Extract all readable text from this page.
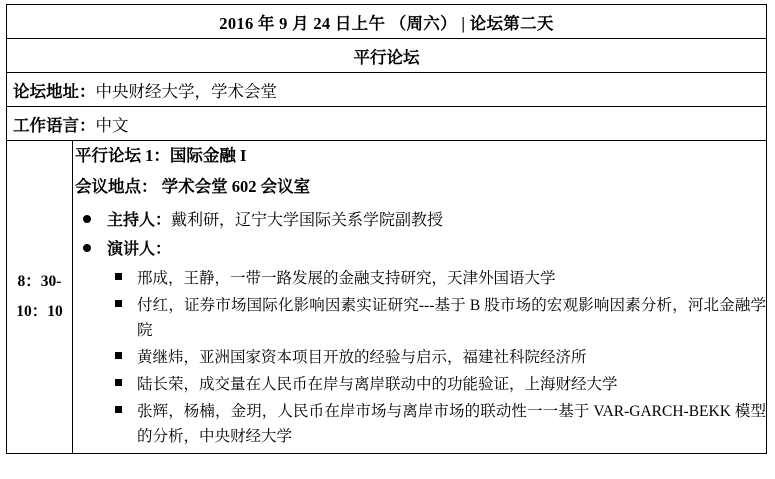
2016 年 9 月 24 日上午 （周六） | 论坛第二天

平行论坛

论坛地址：中央财经大学，学术会堂

工作语言：中文

8：30-
10：10

平行论坛 1：国际金融 I
会议地点： 学术会堂 602 会议室
主持人：戴利研，辽宁大学国际关系学院副教授
演讲人：
邢成，王静，一带一路发展的金融支持研究，天津外国语大学
付红，证券市场国际化影响因素实证研究---基于 B 股市场的宏观影响因素分析，河北金融学院
黄继炜，亚洲国家资本项目开放的经验与启示，福建社科院经济所
陆长荣，成交量在人民币在岸与离岸联动中的功能验证，上海财经大学
张辉，杨楠，金玥，人民币在岸市场与离岸市场的联动性一一基于 VAR-GARCH-BEKK 模型的分析，中央财经大学
